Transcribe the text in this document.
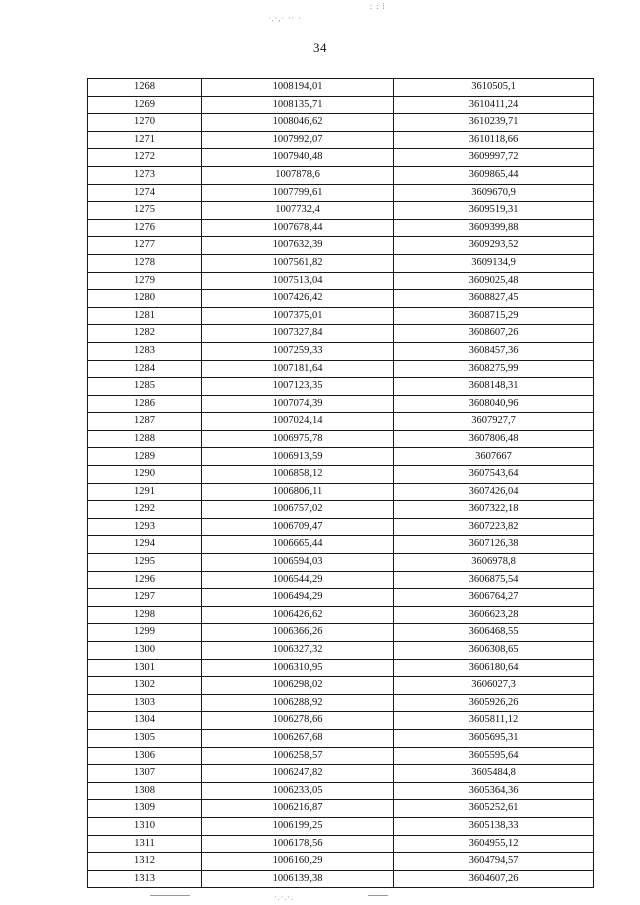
·.·,· ·· ‧
: : ⁞
34
1268	1008194,01	3610505,1
1269	1008135,71	3610411,24
1270	1008046,62	3610239,71
1271	1007992,07	3610118,66
1272	1007940,48	3609997,72
1273	1007878,6	3609865,44
1274	1007799,61	3609670,9
1275	1007732,4	3609519,31
1276	1007678,44	3609399,88
1277	1007632,39	3609293,52
1278	1007561,82	3609134,9
1279	1007513,04	3609025,48
1280	1007426,42	3608827,45
1281	1007375,01	3608715,29
1282	1007327,84	3608607,26
1283	1007259,33	3608457,36
1284	1007181,64	3608275,99
1285	1007123,35	3608148,31
1286	1007074,39	3608040,96
1287	1007024,14	3607927,7
1288	1006975,78	3607806,48
1289	1006913,59	3607667
1290	1006858,12	3607543,64
1291	1006806,11	3607426,04
1292	1006757,02	3607322,18
1293	1006709,47	3607223,82
1294	1006665,44	3607126,38
1295	1006594,03	3606978,8
1296	1006544,29	3606875,54
1297	1006494,29	3606764,27
1298	1006426,62	3606623,28
1299	1006366,26	3606468,55
1300	1006327,32	3606308,65
1301	1006310,95	3606180,64
1302	1006298,02	3606027,3
1303	1006288,92	3605926,26
1304	1006278,66	3605811,12
1305	1006267,68	3605695,31
1306	1006258,57	3605595,64
1307	1006247,82	3605484,8
1308	1006233,05	3605364,36
1309	1006216,87	3605252,61
1310	1006199,25	3605138,33
1311	1006178,56	3604955,12
1312	1006160,29	3604794,57
1313	1006139,38	3604607,26
·.·.·.
